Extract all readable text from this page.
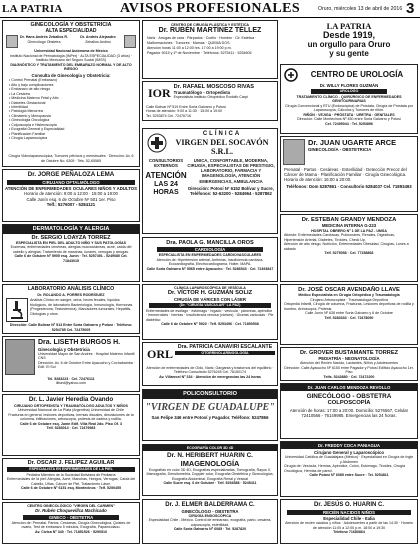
LA PATRIA	AVISOS PROFESIONALES	Oruro, miércoles 13 de abril de 2016 3
GINECOLOGÍA Y OBSTETRICIA
ALTA ESPECIALIDAD
Dr. Hans Andrés Zeballos R.
Ginecólogo Obstetra
Dr. Andrés Alejandro
Zeballos Andino
Universidad Nacional Autónoma de México
Instituto Nacional de Perinatología (INPer) · ALTA ESPECIALIDAD (3 años) · Instituto Mexicano del Seguro Social (IMSS)
DIAGNÓSTICO Y TRATAMIENTO DEL EMBARAZO NORMAL Y DE ALTO RIESGO
Consulta de Ginecología y Obstetricia:
• Control Prenatal (Embarazo)
• Alto y bajo complicaciones
• Embarazo de alto riesgo
• La Cesárea
• Medicina Materno Fetal y Alto
• Diabetes Gestacional
• Infertilidad
• Patología Menorrea
• Climaterio y Menopausia
• Ginecologia Oncologica
• Colposcopia e Histeroscopia
• Ecografia General y Especialidad
• Planificación Familiar
• Cirugía Laparoscópica
Cirugía Videolaparoscópica, Tumores pélvicos y menstruales · Dirección: Av. 6 de Octubre No. 6305 · Tels. 52-65565
Dr. JORGE PEÑALOZA LEMA
CIRUJANO OFTALMÓLOGO
ATENCIÓN DE ENFERMEDADES OCULARES NIÑOS Y ADULTOS
Horario de atención: 9:00 a 12:00 · 15:00 a 19:00
Calle Junín esq. 6 de Octubre Nº 501 1er. Piso
Telf.: 5276007 - 5284121
DERMATOLOGÍA Y ALERGIA
Dr. SERGIO LOAYZA TORREZ
ESPECIALISTA EN PIEL DEL ADULTO NIÑO Y SUS PATOLOGÍAS
Eczemas, enfermedades venéreas, alergias mucocutáneas, acné, caída del cabello y alergias. Tratamiento de manchas, lunares, verrugas y arrugas.
Calle 6 de Octubre Nº 5905 esq. Junín · Tel. 5257491 - 5249080 Cel. 71843015
LABORATORIO ANÁLISIS CLÍNICO
Dr. ROLANDO A. PORRES RODRÍGUEZ
Análisis Clínico en sangre, orina, heces fecales, líquidos biológicos, de laboratorio Bacteriología, Inmunología, Hormonas (Progesterona, Testosterona), Marcadores tumorales, Hepatitis, Citologías y otros
Dirección: Calle Bolívar Nº 513 Entre Soria Galvarro y Potosí · Teléfono: 5254785 Cel. 72475005
Dra. LISETH BURGOS H.
Ginecología y Obstetricia
Universidad Mayor de San Andrés · Hospital Materno Infantil CNS
Dirección: Av. 6 de Octubre Entre Ayacucho y Cochabamba · Edif. El Sol
Tel. 5283223 · Cel. 72476111
lilised@yahoo.com
Dr. L. Javier Heredia Ovando
CIRUJANO ORTOPEDISTA Y TRAUMATÓLOGO ADULTOS Y NIÑOS
Universidad Nacional de La Plata (Argentina) Universidad de Chile
Fracturas en general, lesiones deportivas, hernias discales, desviaciones de la columna, infiltraciones, artroscopía, prótesis de cadera y rodilla.
Calle 6 de Octubre esq. Junín Edif. Villa Real 2do. Piso Of. 3
Telf. 5283014 · Cel. 72479983
Dr. OSCAR J. FELIPEZ AGUILAR
ESPECIALISTA EN ENFERMEDADES DE LA PIEL
Pediatra Miembro de la Sociedad Boliviana de Pediatría
Enfermedades de la piel: Alergias, Acné, Manchas, Hongos, Verrugas, Caída del Cabello, Uñas, Cáncer de Piel, Tratamiento Láser.
Calle 6 de Octubre Nº 6151 esq. Montecinos · Telf. 5250455
CENTRO GINECOLÓGICO "VIRGEN DEL CARMEN"
Dr. Rubén Choquevillca Machicado
GINECO - OBSTETRA
Atención de: Prenatal, Partos, Cesáreas, Cirugía Ginecológica, Quistes de ovario, Test de embarazo 5 minutos, Ecografía, Papanicolaou.
Av. Cívica Nº 340 · Tel. 71851526 · 5290510
CENTRO DE CIRUGÍA PLÁSTICA Y ESTÉTICA
Dr. RUBÉN MARTÍNEZ TÉLLEZ
Nariz · Arrugas de cara · Párpados · Cuello · Hombro · Cir. Estética · Malformaciones · Tumores · Mamas · QUEMA DOS.
Atención horas 11:00 a 12:00 hrs. 17:00 a 19:00 p.m.
Pagador 5015 y 1º de Noviembre · Teléfonos: 5275411 · 5254605
IOR Dr. RAFAEL MOSCOSO RIVAS
Traumatólogo - Ortopedista
Especialista Instituto Ortopédico Rodolfo Carpi
Calle Bolívar Nº 519 Entre Soria Galvarro y Potosí
Horas de atención: 9:00 a 11:30 · 15:00 a 19:00
Tel. 5253874 Cel. 72476716
CLÍNICA
VIRGEN DEL SOCAVÓN S.R.L.
CONSULTORIOS EXTERNOS
ATENCIÓN
LAS 24 HORAS
UNICA, CONFORTABLE, MODERNA, CIRUGÍA, ESPECIALISTAS DE PRESTIGIO, LABORATORIO, FARMACIA Y IMAGENOLOGÍA, ATENCIÓN EMERGENCIAS, AMBULANCIA
Dirección: Potosí Nº 6152 Bolívar y Sucre, Teléfonos: 52-63200 - 5284964 - 5287862
Dra. PAOLA G. MANCILLA OROS
CARDIOLOGÍA
ESPECIALISTA EN ENFERMEDADES CARDIOVASCULARES
Atención de: Hipertensión arterial, Arritmias, Insuficiencia cardíaca, Ecocardiografía, Electrocardiograma, Holter, MAPA.
Calle Soria Galvarro Nº 5565 entre Ayacucho · Tel. 5286543 · Cel. 72493847
CLÍNICA LAPAROSCÓPICA DE VESÍCULA
Dr. VÍCTOR H. GUZMÁN SOLIZ
CIRUGÍA DE VÁRICES CON LÁSER
(Dr. "CIRUGÍA VASCULAR" LA PAZ)
Enfermedades de esófago · estómago · hígado · vesícula · páncreas, apéndice · hemorroides · hernias · Insuficiencia venosa (várices) · Úlceras varicosas · Pie diabético
Calle 6 de Octubre Nº 5920 · Telf. 5253496 · Cel. 71850508
ORL Dra. PATRICIA CANAVIRI ESCALANTE
OTORRINOLARINGOLOGÍA
Atención de enfermedades de Oído, Nariz, Garganta y trastornos del equilibrio · Teléfono Consultorio 5276245 Cel. 76150174
Av. Villarroel Nº 234 · Atención de emergencias las 24 horas
POLICONSULTORIO
"VIRGEN DE GUADALUPE"
San Felipe 346 entre Potosí y Pagador. Teléfono: 5247866
ECOGRAFÍA COLOR 3D 4D
Dr. N. HERIBERT HUARIN C.
IMAGENOLOGÍA
Ecografías en color 3D 4D, Ecografías especializadas, Tomografía, Rayos X, Mamografía, Densitometría, Doppler color, Ecografía Obstétrica y Ginecológica, Ecografía Abdominal, Ecografía Renal y Vesical
Calle Sucre esq. 6 de Octubre · Telf. 5254588 · 5245411
Dr. J. ELMER BALDERRAMA C.
GINECÓLOGO - OBSTETRA
CIRUGÍA ENDOSCÓPICA
Especialidad Chile - México. Control de embarazo, ecografía, parto, cesárea, colposcopía, esterilidad.
Calle Soria Galvarro Nº 6085 · Tel. 5287820
LA PATRIA
Desde 1919,
un orgullo para Oruro
y su gente
CENTRO DE UROLOGÍA
Dr. WILLY FLORES GUZMÁN
UROLOGO
TRATAMIENTO CLÍNICO - QUIRÚRGICO DE ENFERMEDADES GENITOURINARIAS
Cirugía Convencional y RTU (Endoscópica) de Próstata, Cirugía de Próstata por Laparoscopía, Cálculos y Tumores de riñón.
RIÑÓN · VEJIGA · PRÓSTATA · URETRA · GENITALES
Dirección: Calle Montecinos Nº 450 entre Soria Galvarro y Potosí
Cel. 72495044 · Tel. 5253896
Dr. JUAN UGARTE ARCE
GINECOLOGÍA - OBSTETRICIA
Prenatal · Partos · Cesáreas · Esterilidad · Detección Precoz del Cáncer de Mama · Planificación Familiar · Cirugía Ginecológica. Horario de atención: 16:00 a 20:00.
Teléfonos: Dom 5287861 · Consultorio 5284037 Cel. 71893493
Dr. ESTEBAN GRANDY MENDOZA
MEDICINA INTERNA G-223
HOSPITAL OBRERO Nº 1 DE LA PAZ - UMSA
Atiende: Enfermedades Cardíacas, Pulmonares, Renales, Digestivas, Hipertensión Arterial, Diabetes, Tiroides, Check Up.
Atención de alto riesgo, Nutrición, Enfermedades Obesidad, Cirugías, Lunes a sábado
Telf. 5275058 · Cel. 77158868
Dr. JOSÉ OSCAR AVENDAÑO LLAVE
Médico Especialista en Cirugía Ortopédica y Traumatología
Cirujano Artroscopista · Traumatología Deportiva
Ortopedia infantil, Cirugía de columna, Fracturas, Lesiones deportivas de rodilla y hombro, Artroscopía, Prótesis.
Calle Junín Nº 638 entre Soria Galvarro y 6 de Octubre
Telf. 5283333 · Cel. 72478090
Dr. GROVER BUSTAMANTE TORREZ
PEDIATRÍA - NEONATOLOGÍA
Atención del Recién Nacido, Lactantes, Niños y Adolescentes
Dirección: Calle Ayacucho Nº 6150 entre Pagador y Potosí Edificio Ayacucho 1er. Piso
Telfs. 5243880 · Cel. 72472200
Dr. JUAN CARLOS MENDOZA REVOLLO
GINECÓLOGO - OBSTETRA
COLPOSCOPÍA
Atención de horas: 17:00 a 20:00. Domicilio: 5276567, Celular 72410566 - 76149985. Emergencias las 24 horas.
Dr. FREDDY COCA PANIAGUA
Cirujano General y Laparoscópico
Universidad Católica de Guadalajara (México) · Especialidad en Cirugía de Ingle y Abdomen
Cirugía de: Vesícula, Hernias, Apéndice, Colon, Estómago, Tiroides, Cirugía Oncológica, Hernias de pared.
Calle Potosí Nº 6085 entre Sucre · Tel. 5254811
Dr. JESÚS O. HUARIN C.
RECIÉN NACIDOS NIÑOS
Especialidad Chile - Italia
Atención de recién nacidos y niños · Adolescentes a partir de las 14:30 · Horario de atención 11:00 a 12:00 p.m. 18:00 a 19:30
Teléfono 71680864
